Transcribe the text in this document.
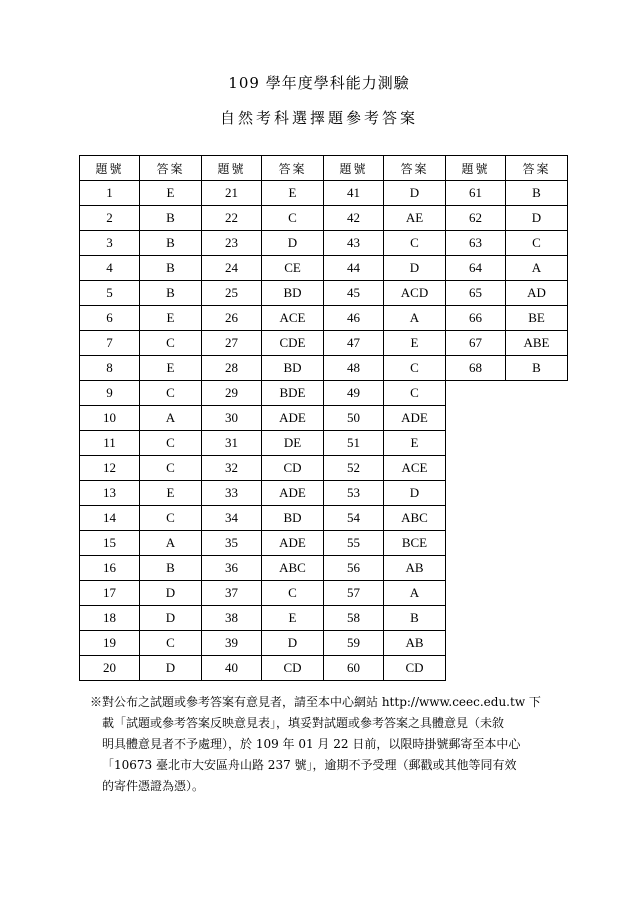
109 學年度學科能力測驗
自然考科選擇題參考答案
題號	答案	題號	答案	題號	答案	題號	答案
1	E	21	E	41	D	61	B
2	B	22	C	42	AE	62	D
3	B	23	D	43	C	63	C
4	B	24	CE	44	D	64	A
5	B	25	BD	45	ACD	65	AD
6	E	26	ACE	46	A	66	BE
7	C	27	CDE	47	E	67	ABE
8	E	28	BD	48	C	68	B
9	C	29	BDE	49	C		
10	A	30	ADE	50	ADE		
11	C	31	DE	51	E		
12	C	32	CD	52	ACE		
13	E	33	ADE	53	D		
14	C	34	BD	54	ABC		
15	A	35	ADE	55	BCE		
16	B	36	ABC	56	AB		
17	D	37	C	57	A		
18	D	38	E	58	B		
19	C	39	D	59	AB		
20	D	40	CD	60	CD		
※對公布之試題或參考答案有意見者，請至本中心網站 http://www.ceec.edu.tw 下
載「試題或參考答案反映意見表」，填妥對試題或參考答案之具體意見（未敘
明具體意見者不予處理），於 109 年 01 月 22 日前，以限時掛號郵寄至本中心
「10673 臺北市大安區舟山路 237 號」，逾期不予受理（郵戳或其他等同有效
的寄件憑證為憑）。
